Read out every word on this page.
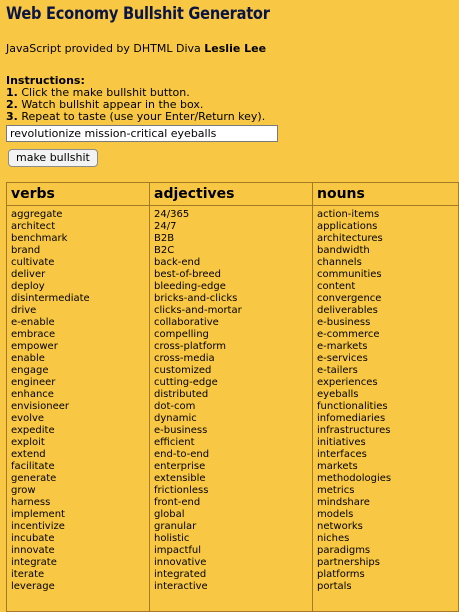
Web Economy Bullshit Generator
JavaScript provided by DHTML Diva Leslie Lee
Instructions:
1. Click the make bullshit button.
2. Watch bullshit appear in the box.
3. Repeat to taste (use your Enter/Return key).
revolutionize mission-critical eyeballs
make bullshit
verbs
aggregate
architect
benchmark
brand
cultivate
deliver
deploy
disintermediate
drive
e-enable
embrace
empower
enable
engage
engineer
enhance
envisioneer
evolve
expedite
exploit
extend
facilitate
generate
grow
harness
implement
incentivize
incubate
innovate
integrate
iterate
leverage
adjectives
24/365
24/7
B2B
B2C
back-end
best-of-breed
bleeding-edge
bricks-and-clicks
clicks-and-mortar
collaborative
compelling
cross-platform
cross-media
customized
cutting-edge
distributed
dot-com
dynamic
e-business
efficient
end-to-end
enterprise
extensible
frictionless
front-end
global
granular
holistic
impactful
innovative
integrated
interactive
nouns
action-items
applications
architectures
bandwidth
channels
communities
content
convergence
deliverables
e-business
e-commerce
e-markets
e-services
e-tailers
experiences
eyeballs
functionalities
infomediaries
infrastructures
initiatives
interfaces
markets
methodologies
metrics
mindshare
models
networks
niches
paradigms
partnerships
platforms
portals
